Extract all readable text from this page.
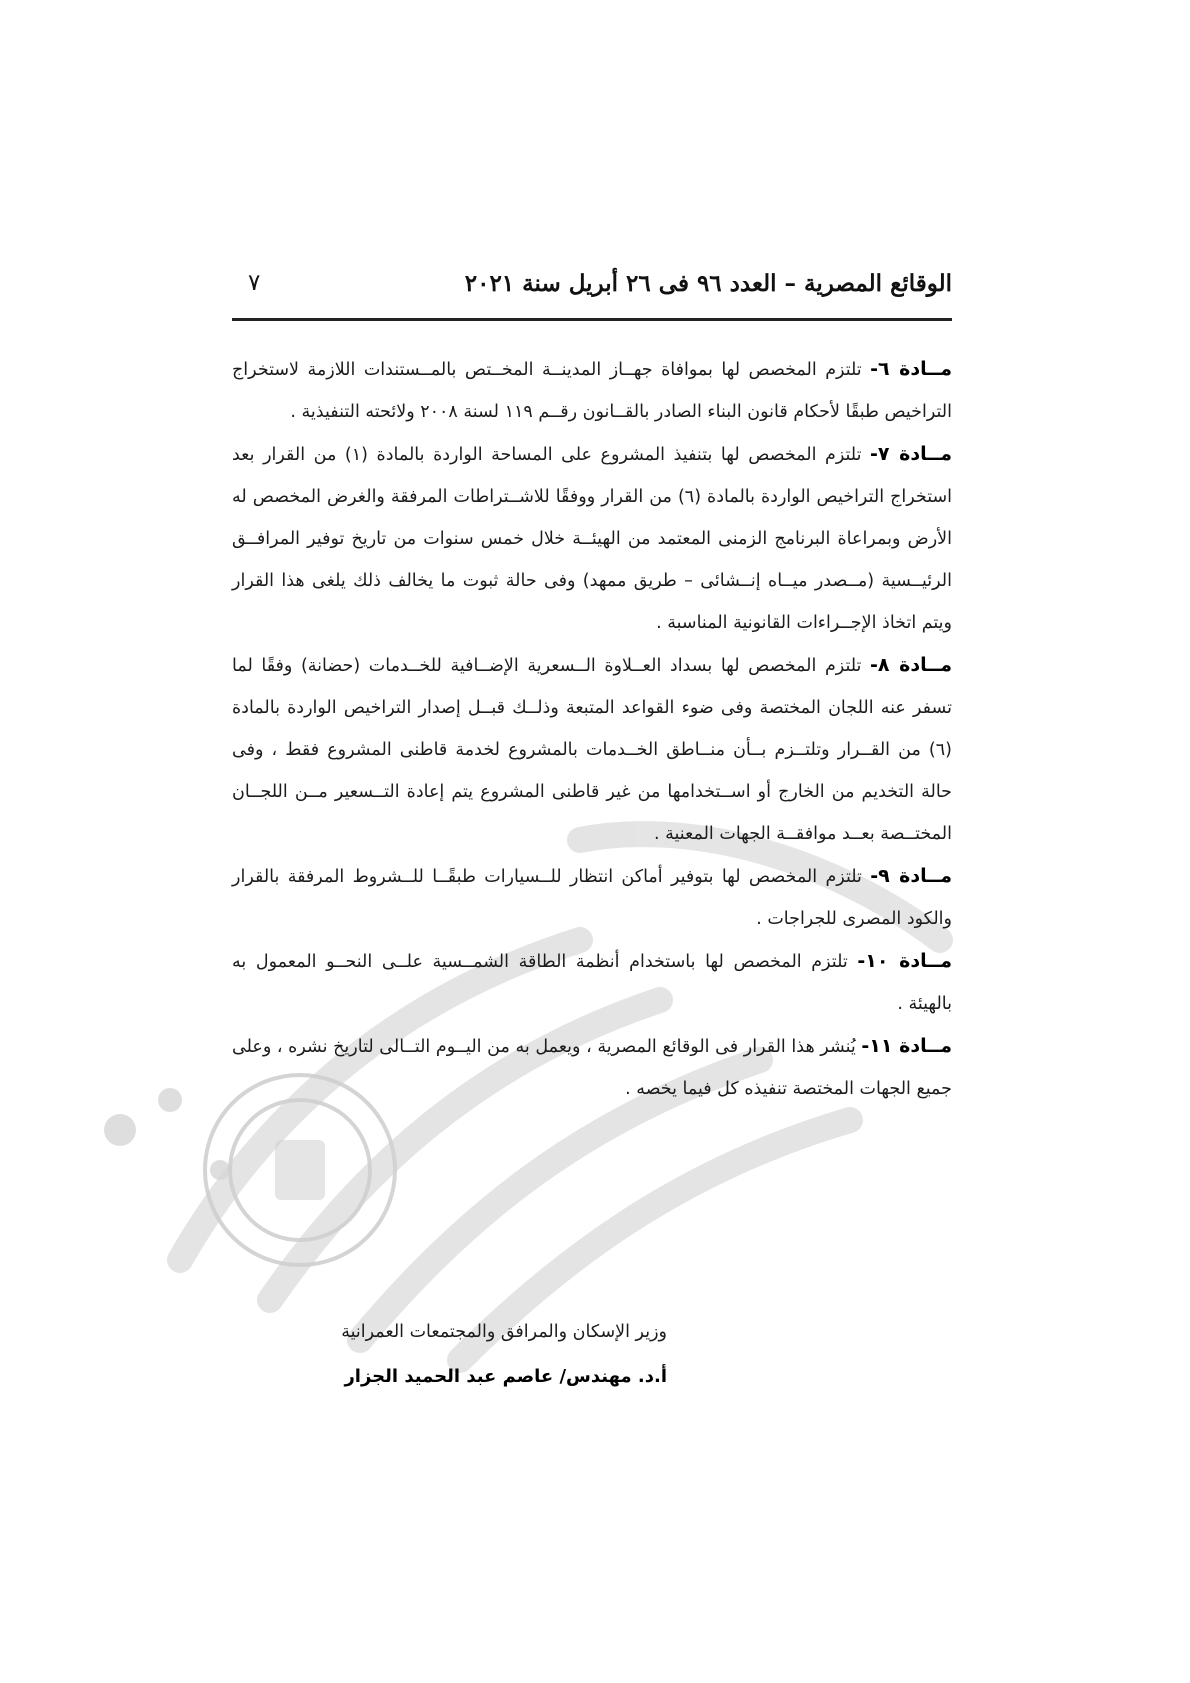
الوقائع المصرية – العدد ٩٦ فى ٢٦ أبريل سنة ٢٠٢١
٧

مــادة ٦- تلتزم المخصص لها بموافاة جهــاز المدينــة المخــتص بالمــستندات اللازمة لاستخراج التراخيص طبقًا لأحكام قانون البناء الصادر بالقــانون رقــم ١١٩ لسنة ٢٠٠٨ ولائحته التنفيذية .

مــادة ٧- تلتزم المخصص لها بتنفيذ المشروع على المساحة الواردة بالمادة (١) من القرار بعد استخراج التراخيص الواردة بالمادة (٦) من القرار ووفقًا للاشــتراطات المرفقة والغرض المخصص له الأرض وبمراعاة البرنامج الزمنى المعتمد من الهيئــة خلال خمس سنوات من تاريخ توفير المرافــق الرئيــسية (مــصدر ميــاه إنــشائى – طريق ممهد) وفى حالة ثبوت ما يخالف ذلك يلغى هذا القرار ويتم اتخاذ الإجــراءات القانونية المناسبة .

مــادة ٨- تلتزم المخصص لها بسداد العــلاوة الــسعرية الإضــافية للخــدمات (حضانة) وفقًا لما تسفر عنه اللجان المختصة وفى ضوء القواعد المتبعة وذلــك قبــل إصدار التراخيص الواردة بالمادة (٦) من القــرار وتلتــزم بــأن منــاطق الخــدمات بالمشروع لخدمة قاطنى المشروع فقط ، وفى حالة التخديم من الخارج أو اســتخدامها من غير قاطنى المشروع يتم إعادة التــسعير مــن اللجــان المختــصة بعــد موافقــة الجهات المعنية .

مــادة ٩- تلتزم المخصص لها بتوفير أماكن انتظار للــسيارات طبقًــا للــشروط المرفقة بالقرار والكود المصرى للجراجات .

مــادة ١٠- تلتزم المخصص لها باستخدام أنظمة الطاقة الشمــسية علــى النحــو المعمول به بالهيئة .

مــادة ١١- يُنشر هذا القرار فى الوقائع المصرية ، ويعمل به من اليــوم التــالى لتاريخ نشره ، وعلى جميع الجهات المختصة تنفيذه كل فيما يخصه .

وزير الإسكان والمرافق والمجتمعات العمرانية
أ.د. مهندس/ عاصم عبد الحميد الجزار
